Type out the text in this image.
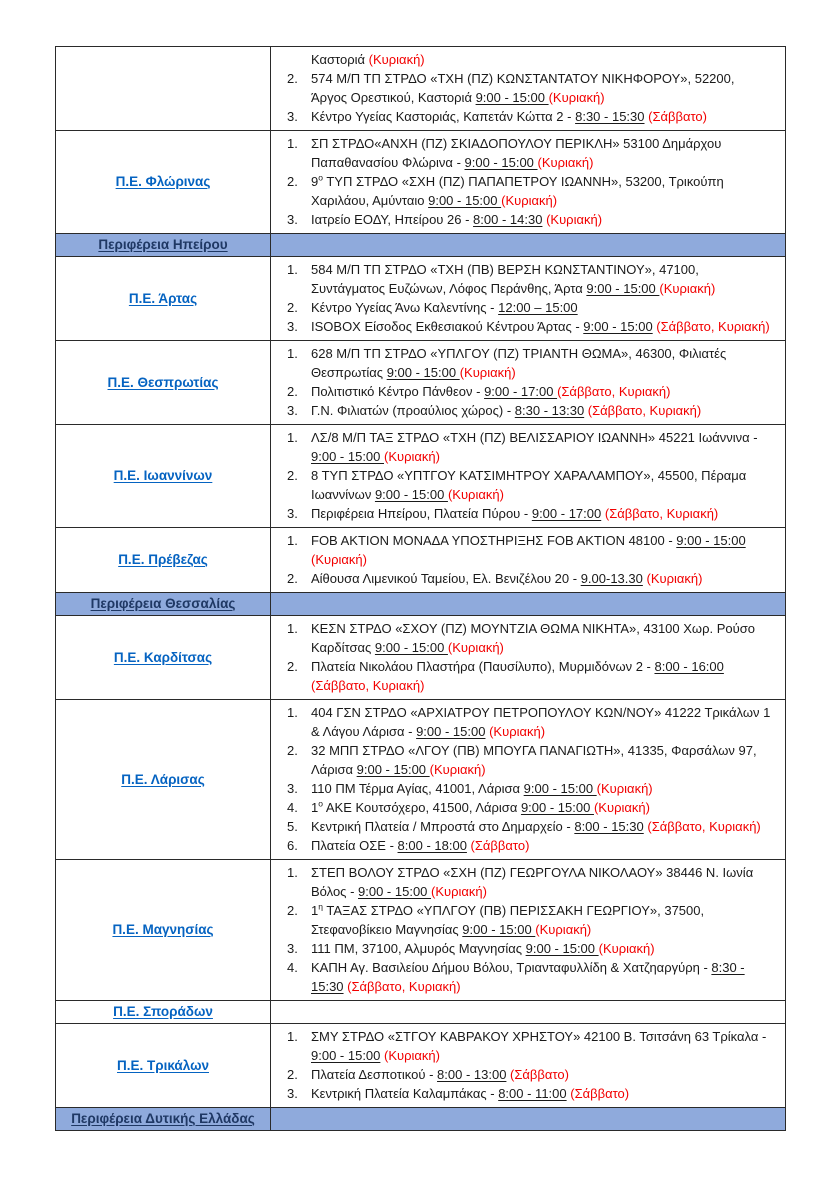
Καστοριά (Κυριακή)
2.	574 Μ/Π ΤΠ ΣΤΡΔΟ «ΤΧΗ (ΠΖ) ΚΩΝΣΤΑΝΤΑΤΟΥ ΝΙΚΗΦΟΡΟΥ», 52200, Άργος Ορεστικού, Καστοριά 9:00 - 15:00 (Κυριακή)
3.	Κέντρο Υγείας Καστοριάς, Καπετάν Κώττα 2 - 8:30 - 15:30 (Σάββατο)
Π.Ε. Φλώρινας
1.	ΣΠ ΣΤΡΔΟ«ΑΝΧΗ (ΠΖ) ΣΚΙΑΔΟΠΟΥΛΟΥ ΠΕΡΙΚΛΗ» 53100 Δημάρχου Παπαθανασίου Φλώρινα - 9:00 - 15:00 (Κυριακή)
2.	$9^o$ ΤΥΠ ΣΤΡΔΟ «ΣΧΗ (ΠΖ) ΠΑΠΑΠΕΤΡΟΥ ΙΩΑΝΝΗ», 53200, Τρικούπη Χαριλάου, Αμύνταιο 9:00 - 15:00 (Κυριακή)
3.	Ιατρείο ΕΟΔΥ, Ηπείρου 26 - 8:00 - 14:30 (Κυριακή)
Περιφέρεια Ηπείρου
Π.Ε. Άρτας
1.	584 Μ/Π ΤΠ ΣΤΡΔΟ «ΤΧΗ (ΠΒ) ΒΕΡΣΗ ΚΩΝΣΤΑΝΤΙΝΟΥ», 47100, Συντάγματος Ευζώνων, Λόφος Περάνθης, Άρτα 9:00 - 15:00 (Κυριακή)
2.	Κέντρο Υγείας Άνω Καλεντίνης - 12:00 – 15:00
3.	ISOBOX Είσοδος Εκθεσιακού Κέντρου Άρτας - 9:00 - 15:00 (Σάββατο, Κυριακή)
Π.Ε. Θεσπρωτίας
1.	628 Μ/Π ΤΠ ΣΤΡΔΟ «ΥΠΛΓΟΥ (ΠΖ) ΤΡΙΑΝΤΗ ΘΩΜΑ», 46300, Φιλιατές Θεσπρωτίας 9:00 - 15:00 (Κυριακή)
2.	Πολιτιστικό Κέντρο Πάνθεον - 9:00 - 17:00 (Σάββατο, Κυριακή)
3.	Γ.Ν. Φιλιατών (προαύλιος χώρος) - 8:30 - 13:30 (Σάββατο, Κυριακή)
Π.Ε. Ιωαννίνων
1.	ΛΣ/8 Μ/Π ΤΑΞ ΣΤΡΔΟ «ΤΧΗ (ΠΖ) ΒΕΛΙΣΣΑΡΙΟΥ ΙΩΑΝΝΗ» 45221 Ιωάννινα - 9:00 - 15:00 (Κυριακή)
2.	8 ΤΥΠ ΣΤΡΔΟ «ΥΠΤΓΟΥ ΚΑΤΣΙΜΗΤΡΟΥ ΧΑΡΑΛΑΜΠΟΥ», 45500, Πέραμα Ιωαννίνων 9:00 - 15:00 (Κυριακή)
3.	Περιφέρεια Ηπείρου, Πλατεία Πύρου - 9:00 - 17:00 (Σάββατο, Κυριακή)
Π.Ε. Πρέβεζας
1.	FOB AKTION ΜΟΝΑΔΑ ΥΠΟΣΤΗΡΙΞΗΣ FOB AKTION 48100 - 9:00 - 15:00 (Κυριακή)
2.	Αίθουσα Λιμενικού Ταμείου, Ελ. Βενιζέλου 20 - 9.00-13.30 (Κυριακή)
Περιφέρεια Θεσσαλίας
Π.Ε. Καρδίτσας
1.	ΚΕΣΝ ΣΤΡΔΟ «ΣΧΟΥ (ΠΖ) ΜΟΥΝΤΖΙΑ ΘΩΜΑ ΝΙΚΗΤΑ», 43100 Χωρ. Ρούσο Καρδίτσας 9:00 - 15:00 (Κυριακή)
2.	Πλατεία Νικολάου Πλαστήρα (Παυσίλυπο), Μυρμιδόνων 2 - 8:00 - 16:00 (Σάββατο, Κυριακή)
Π.Ε. Λάρισας
1.	404 ΓΣΝ ΣΤΡΔΟ «ΑΡΧΙΑΤΡΟΥ ΠΕΤΡΟΠΟΥΛΟΥ ΚΩΝ/ΝΟΥ» 41222 Τρικάλων 1 & Λάγου Λάρισα - 9:00 - 15:00 (Κυριακή)
2.	32 ΜΠΠ ΣΤΡΔΟ «ΛΓΟΥ (ΠΒ) ΜΠΟΥΓΑ ΠΑΝΑΓΙΩΤΗ», 41335, Φαρσάλων 97, Λάρισα 9:00 - 15:00 (Κυριακή)
3.	110 ΠΜ Τέρμα Αγίας, 41001, Λάρισα 9:00 - 15:00 (Κυριακή)
4.	$1^o$ ΑΚΕ Κουτσόχερο, 41500, Λάρισα 9:00 - 15:00 (Κυριακή)
5.	Κεντρική Πλατεία / Μπροστά στο Δημαρχείο - 8:00 - 15:30 (Σάββατο, Κυριακή)
6.	Πλατεία ΟΣΕ - 8:00 - 18:00 (Σάββατο)
Π.Ε. Μαγνησίας
1.	ΣΤΕΠ ΒΟΛΟΥ ΣΤΡΔΟ «ΣΧΗ (ΠΖ) ΓΕΩΡΓΟΥΛΑ ΝΙΚΟΛΑΟΥ» 38446 Ν. Ιωνία Βόλος - 9:00 - 15:00 (Κυριακή)
2.	$1^\eta$ ΤΑΞΑΣ ΣΤΡΔΟ «ΥΠΛΓΟΥ (ΠΒ) ΠΕΡΙΣΣΑΚΗ ΓΕΩΡΓΙΟΥ», 37500, Στεφανοβίκειο Μαγνησίας 9:00 - 15:00 (Κυριακή)
3.	111 ΠΜ, 37100, Αλμυρός Μαγνησίας 9:00 - 15:00 (Κυριακή)
4.	ΚΑΠΗ Αγ. Βασιλείου Δήμου Βόλου, Τριανταφυλλίδη & Χατζηαργύρη - 8:30 - 15:30 (Σάββατο, Κυριακή)
Π.Ε. Σποράδων
Π.Ε. Τρικάλων
1.	ΣΜΥ ΣΤΡΔΟ «ΣΤΓΟΥ ΚΑΒΡΑΚΟΥ ΧΡΗΣΤΟΥ» 42100 Β. Τσιτσάνη 63 Τρίκαλα - 9:00 - 15:00 (Κυριακή)
2.	Πλατεία Δεσποτικού - 8:00 - 13:00 (Σάββατο)
3.	Κεντρική Πλατεία Καλαμπάκας - 8:00 - 11:00 (Σάββατο)
Περιφέρεια Δυτικής Ελλάδας
